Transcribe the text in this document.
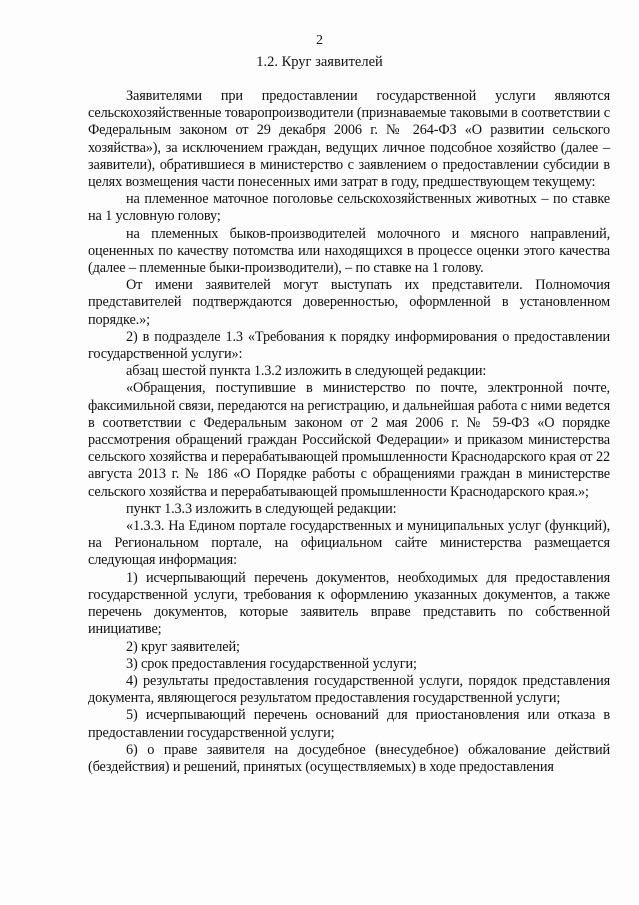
2
1.2. Круг заявителей

Заявителями при предоставлении государственной услуги являются сельскохозяйственные товаропроизводители (признаваемые таковыми в соответствии с Федеральным законом от 29 декабря 2006 г. № 264-ФЗ «О развитии сельского хозяйства»), за исключением граждан, ведущих личное подсобное хозяйство (далее – заявители), обратившиеся в министерство с заявлением о предоставлении субсидии в целях возмещения части понесенных ими затрат в году, предшествующем текущему:

на племенное маточное поголовье сельскохозяйственных животных – по ставке на 1 условную голову;

на племенных быков-производителей молочного и мясного направлений, оцененных по качеству потомства или находящихся в процессе оценки этого качества (далее – племенные быки-производители), – по ставке на 1 голову.

От имени заявителей могут выступать их представители. Полномочия представителей подтверждаются доверенностью, оформленной в установленном порядке.»;

2) в подразделе 1.3 «Требования к порядку информирования о предоставлении государственной услуги»:

абзац шестой пункта 1.3.2 изложить в следующей редакции:

«Обращения, поступившие в министерство по почте, электронной почте, факсимильной связи, передаются на регистрацию, и дальнейшая работа с ними ведется в соответствии с Федеральным законом от 2 мая 2006 г. № 59-ФЗ «О порядке рассмотрения обращений граждан Российской Федерации» и приказом министерства сельского хозяйства и перерабатывающей промышленности Краснодарского края от 22 августа 2013 г. № 186 «О Порядке работы с обращениями граждан в министерстве сельского хозяйства и перерабатывающей промышленности Краснодарского края.»;

пункт 1.3.3 изложить в следующей редакции:

«1.3.3. На Едином портале государственных и муниципальных услуг (функций), на Региональном портале, на официальном сайте министерства размещается следующая информация:

1) исчерпывающий перечень документов, необходимых для предоставления государственной услуги, требования к оформлению указанных документов, а также перечень документов, которые заявитель вправе представить по собственной инициативе;

2) круг заявителей;

3) срок предоставления государственной услуги;

4) результаты предоставления государственной услуги, порядок представления документа, являющегося результатом предоставления государственной услуги;

5) исчерпывающий перечень оснований для приостановления или отказа в предоставлении государственной услуги;

6) о праве заявителя на досудебное (внесудебное) обжалование действий (бездействия) и решений, принятых (осуществляемых) в ходе предоставления
